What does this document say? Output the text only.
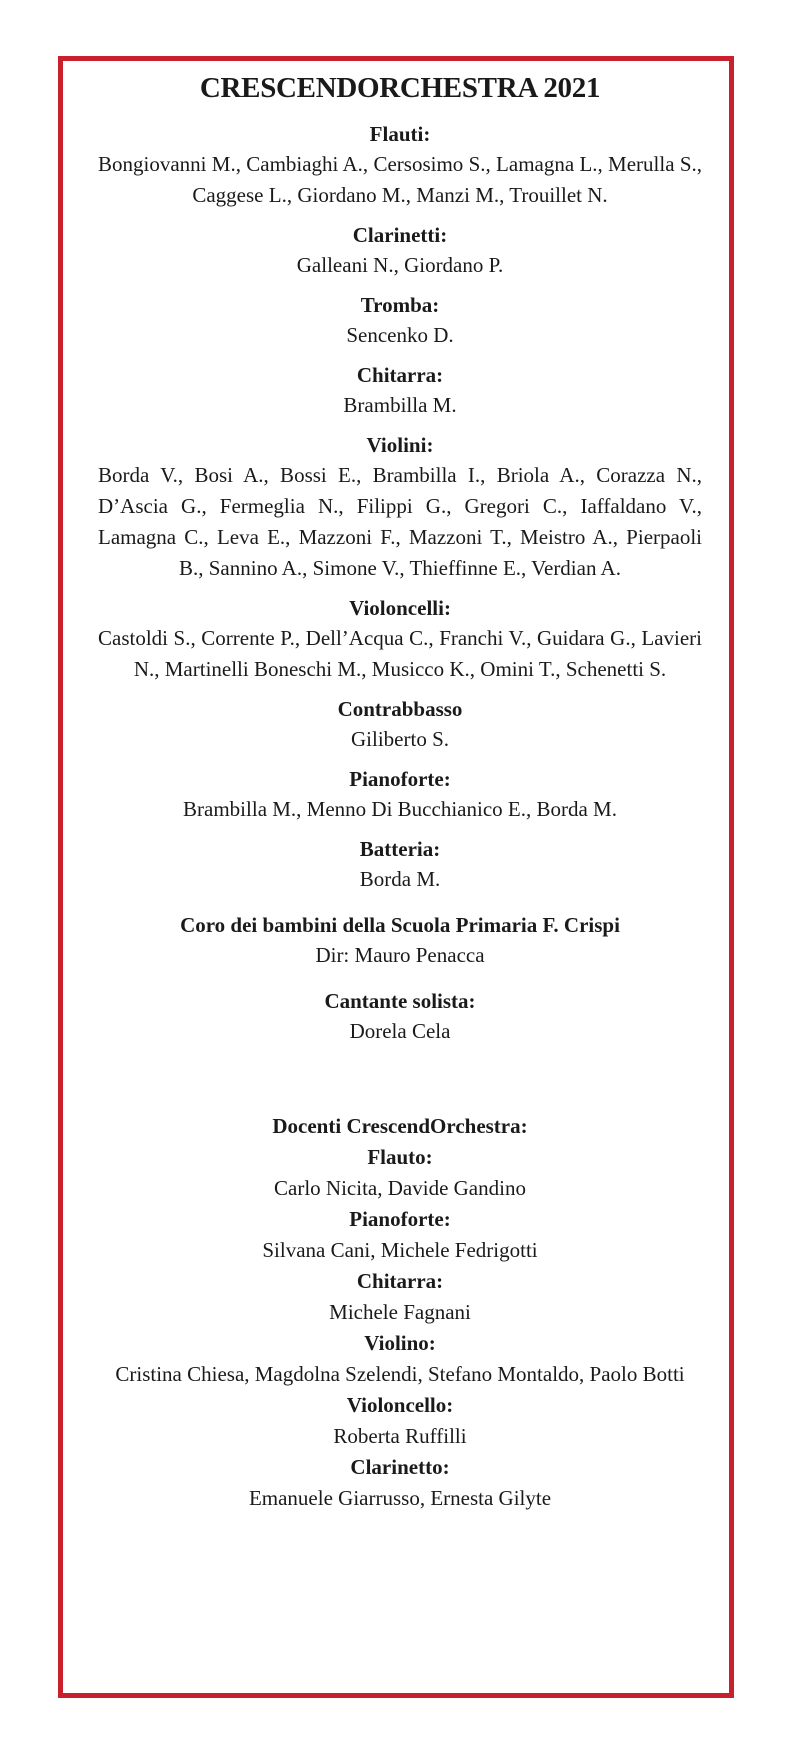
CRESCENDORCHESTRA 2021
Flauti:
Bongiovanni M., Cambiaghi A., Cersosimo S., Lamagna L., Merulla S., Caggese L., Giordano M., Manzi M., Trouillet N.
Clarinetti:
Galleani N., Giordano P.
Tromba:
Sencenko D.
Chitarra:
Brambilla M.
Violini:
Borda V., Bosi A., Bossi E., Brambilla I., Briola A., Corazza N., D’Ascia G., Fermeglia N., Filippi G., Gregori C., Iaffaldano V., Lamagna C., Leva E., Mazzoni F., Mazzoni T., Meistro A., Pierpaoli B., Sannino A., Simone V., Thieffinne E., Verdian A.
Violoncelli:
Castoldi S., Corrente P., Dell’Acqua C., Franchi V., Guidara G., Lavieri N., Martinelli Boneschi M., Musicco K., Omini T., Schenetti S.
Contrabbasso
Giliberto S.
Pianoforte:
Brambilla M., Menno Di Bucchianico E., Borda M.
Batteria:
Borda M.
Coro dei bambini della Scuola Primaria F. Crispi
Dir: Mauro Penacca
Cantante solista:
Dorela Cela
Docenti CrescendOrchestra:
Flauto:
Carlo Nicita, Davide Gandino
Pianoforte:
Silvana Cani, Michele Fedrigotti
Chitarra:
Michele Fagnani
Violino:
Cristina Chiesa, Magdolna Szelendi, Stefano Montaldo, Paolo Botti
Violoncello:
Roberta Ruffilli
Clarinetto:
Emanuele Giarrusso, Ernesta Gilyte
